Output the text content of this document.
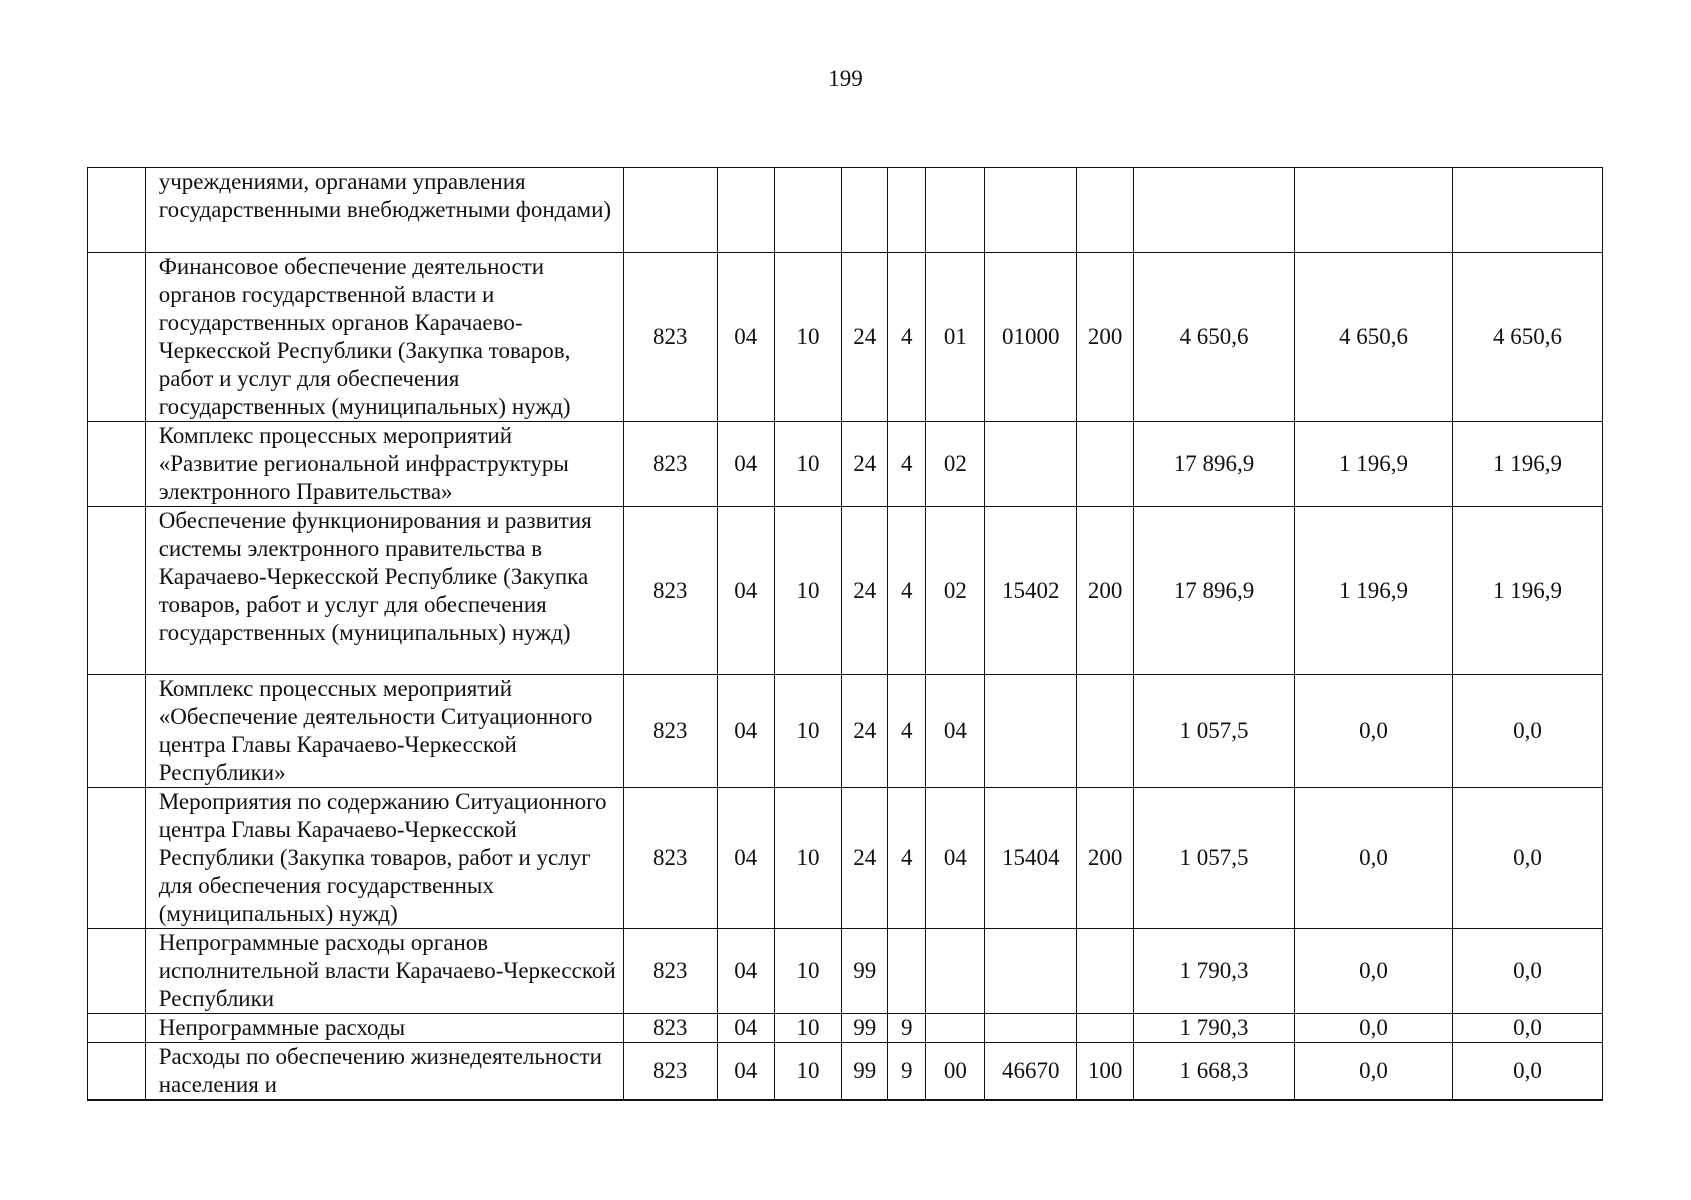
199
	учреждениями, органами управления государственными внебюджетными фондами)											
	Финансовое обеспечение деятельности органов государственной власти и государственных органов Карачаево-Черкесской Республики (Закупка товаров, работ и услуг для обеспечения государственных (муниципальных) нужд)	823	04	10	24	4	01	01000	200	4 650,6	4 650,6	4 650,6
	Комплекс процессных мероприятий «Развитие региональной инфраструктуры электронного Правительства»	823	04	10	24	4	02			17 896,9	1 196,9	1 196,9
	Обеспечение функционирования и развития системы электронного правительства в Карачаево-Черкесской Республике (Закупка товаров, работ и услуг для обеспечения государственных (муниципальных) нужд)	823	04	10	24	4	02	15402	200	17 896,9	1 196,9	1 196,9
	Комплекс процессных мероприятий «Обеспечение деятельности Ситуационного центра Главы Карачаево-Черкесской Республики»	823	04	10	24	4	04			1 057,5	0,0	0,0
	Мероприятия по содержанию Ситуационного центра Главы Карачаево-Черкесской Республики (Закупка товаров, работ и услуг для обеспечения государственных (муниципальных) нужд)	823	04	10	24	4	04	15404	200	1 057,5	0,0	0,0
	Непрограммные расходы органов исполнительной власти Карачаево-Черкесской Республики	823	04	10	99					1 790,3	0,0	0,0
	Непрограммные расходы	823	04	10	99	9				1 790,3	0,0	0,0
	Расходы по обеспечению жизнедеятельности населения и	823	04	10	99	9	00	46670	100	1 668,3	0,0	0,0
